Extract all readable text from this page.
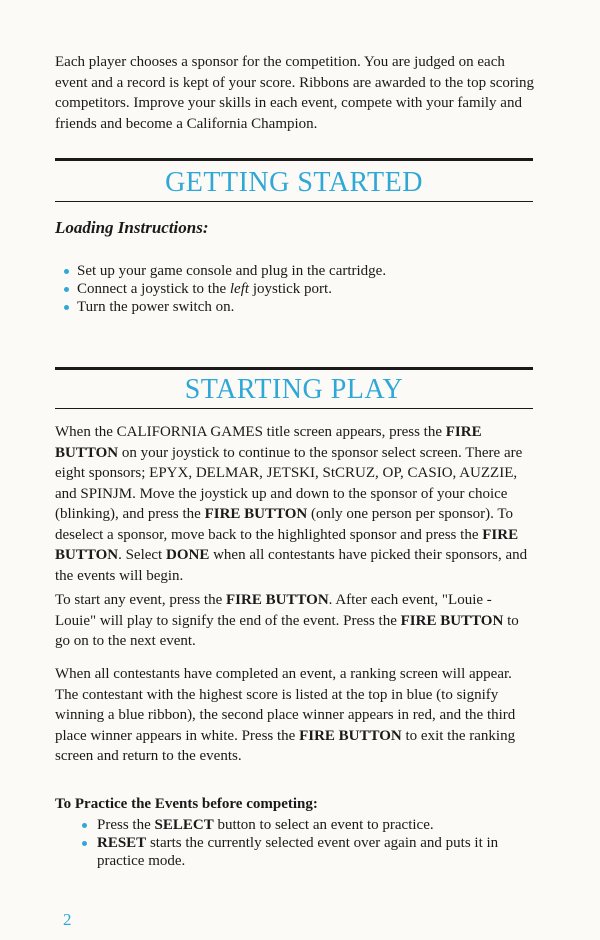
Each player chooses a sponsor for the competition. You are judged on each event and a record is kept of your score. Ribbons are awarded to the top scoring competitors. Improve your skills in each event, compete with your family and friends and become a California Champion.

GETTING STARTED
Loading Instructions:
Set up your game console and plug in the cartridge.
Connect a joystick to the left joystick port.
Turn the power switch on.
STARTING PLAY

When the CALIFORNIA GAMES title screen appears, press the FIRE BUTTON on your joystick to continue to the sponsor select screen. There are eight sponsors; EPYX, DELMAR, JETSKI, StCRUZ, OP, CASIO, AUZZIE, and SPINJM. Move the joystick up and down to the sponsor of your choice (blinking), and press the FIRE BUTTON (only one person per sponsor). To deselect a sponsor, move back to the highlighted sponsor and press the FIRE BUTTON. Select DONE when all contestants have picked their sponsors, and the events will begin.

To start any event, press the FIRE BUTTON. After each event, "Louie - Louie" will play to signify the end of the event. Press the FIRE BUTTON to go on to the next event.

When all contestants have completed an event, a ranking screen will appear. The contestant with the highest score is listed at the top in blue (to signify winning a blue ribbon), the second place winner appears in red, and the third place winner appears in white. Press the FIRE BUTTON to exit the ranking screen and return to the events.

To Practice the Events before competing:
Press the SELECT button to select an event to practice.
RESET starts the currently selected event over again and puts it in practice mode.
2
